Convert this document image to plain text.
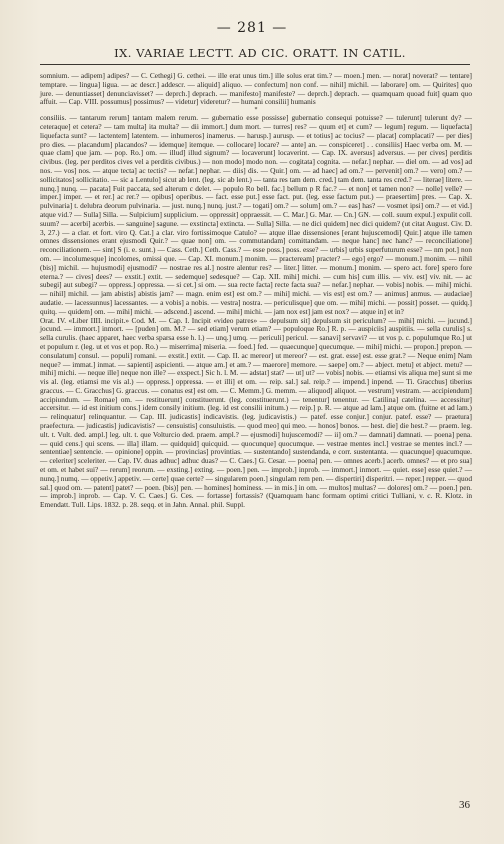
— 281 —
IX. VARIAE LECTT. AD CIC. ORATT. IN CATIL.

somnium. — adipem] adipes? — C. Cethegi] G. cethei. — ille erat unus tim.] ille solus erat tim.? — moen.] men. — norat] noverat? — tentare] temptare. — lingua] ligua. — ac descr.] addescr. — aliquid] aliquo. — confectum] non conf. — nihil] michil. — laborare] om. — Quirites] quo jure. — denuntiasset] denunciavisset? — deprch.] deprach. — manifesto] manifeste? — deprch.] deprach. — quamquam quoad fuit] quam quo affuit. — Cap. VIII. possumus] possimus? — videtur] videretur? — humani consilii] humanis

*

consiliis. — tantarum rerum] tantam malem rerum. — gubernatio esse possisse] gubernatio consequi potuisse? — tulerunt] tulerunt dy? — ceteraque] et cetera? — tam multa] ita multa? — dii immort.] dum mort. — turres] res? — quum et] et cum? — legum] regum. — liquefacta] liquefacta sunt? — lactentem] latentem. — inhumeros] inamerus. — harusp.] aurusp. — et totius] ac tocius? — placat] complacati? — per dies] pro dies. — placandum] placandos? — idemque] itemque. — collocare] locare? — ante] an. — conspiceret] . . consiliis] Haec verba om. M. — quae clam] que jam. — pop. Ro.] om. — illud] illud signum? — locaverunt] locaverint. — Cap. IX. aversus] adversus. — per cives] perditis civibus. (leg. per perditos cives vel a perditis civibus.) — non modo] modo non. — cogitata] cognita. — nefar.] nephar. — diel om. — ad vos] ad nos. — vos] nos. — atque tecta] ac tectis? — nefar.] nephar. — diis] dis. — Quir.] om. — ad haec] ad om.? — pervenit] om.? — vero] om.? — sollicitatos] sollicitatio. — sic a Lentulo] sicut ab lent. (leg. sic ab lent.) — tanta res tam dem. cred.] tam dem. tanta res cred.? — literae] litere. — nunq.] nunq. — pacata] Fuit paccata, sed alterum c delet. — populo Ro bell. fac.] bellum p R fac.? — et non] et tamen non? — nolle] velle? — imper.] imper. — et rer.] ac rer.? — opibus] operibus. — fact. esse put.] esse fact. put. (leg. esse factum put.) — praesertim] pres. — Cap. X. pulvinaria] t. delubra deorum pulvinaria. — just. nunq.] nunq. just.? — togati] om.? — solum] om.? — eas] has? — vosmet ipsi] om.? — et vid.] atque vid.? — Sulla] Silla. — Sulpicium] supplicium. — oppressit] oppraessit. — C. Mar.] G. Mar. — Cn.] GN. — coll. suum expul.] expulit coll. suum? — acerbi] acerbis. — sanguine] sagune. — exstincta] extincta. — Sulla] Silla. — ne dici quidem] nec dici quidem? (ut citat August. Civ. D. 3, 27.) — a clar. et fort. viro Q. Cat.] a clar. viro fortissimoque Catulo? — atque illae dissensiones [erant hujuscemodi] Quir.] atque ille tamen omnes dissensiones erant ejusmodi Quir.? — quae non] om. — commutandam] comittandam. — neque hanc] nec hanc? — reconciliatione] reconciliationem. — sint] S (i. e. sunt.) — Cass. Ceth.] Ceth. Cass.? — esse poss.] poss. esse? — urbis] urbis superfuturum esse? — nm pot.] non om. — incolumesque] incolomes, omissi que. — Cap. XI. monum.] monim. — practeream] practer? — ego] ergo? — monum.] monim. — nihil (bis)] michil. — hujusmodi] ejusmodi? — nostrae res al.] nostre alentur res? — liter.] litter. — monum.] monim. — spero act. fore] spero fore eterna.? — cives] dees? — exstit.] extit. — sedemque] sedesque? — Cap. XII. mihi] michi. — cum his] cum illis. — viv. est] viv. nit. — ac subegi] aut subegi? — oppress.] oppressa. — si cet.] si om. — sua recte facta] recte facta sua? — nefar.] nephar. — vobis] nobis. — mihi] michi. — nihil] michil. — jam abistis] abistis jam? — magn. enim est] est om.? — mihi] michi. — vis est] est om.? — animus] anmus. — audaciae] audatie. — lacessunnus] lacessantes. — a vobis] a nobis. — vestra] nostra. — periculisque] que om. — mihi] michi. — possit] posset. — quidq.] quitq. — quidem] om. — mihi] michi. — adscend.] ascend. — mihi] michi. — jam nox est] jam est nox? — atque in] et in?

Orat. IV. «Liber IIII. incipit.» Cod. M. — Cap. I. Incipit «video patres» — depulsum sit] depulsum sit periculum? — mihi] michi. — jucund.] jocund. — immort.] inmort. — [puden] om. M.? — sed etiam] verum etiam? — populoque Ro.] R. p. — auspiciis] auspitiis. — sella curulis] s. sella curulis. (haec apparet, haec verba sparsa esse h. l.) — unq.] umq. — periculi] pericul. — sanavi] servavi? — ut vos p. c. populumque Ro.] ut et populum r. (leg. ut et vos et pop. Ro.) — miserrima] miseria. — foed.] fed. — quaecunque] quecumque. — mihi] michi. — propon.] prepon. — consulatum] consul. — populi] romani. — exstit.] extit. — Cap. II. ac mereor] ut mereor? — est. grat. esse] est. esse grat.? — Neque enim] Nam neque? — immat.] inmat. — sapienti] aspicienti. — atque am.] et am.? — maerore] memore. — saepe] om.? — abject. metu] et abject. metu? — mihi] michi. — neque ille] neque non ille? — exspect.] Sic h. l. M. — adstat] stat? — ut] ut? — vobis] nobis. — etiamsi vis aliqua me] sunt si me vis al. (leg. etiamsi me vis al.) — oppress.] oppressa. — et illi] et om. — reip. sal.] sal. reip.? — impend.] inpend. — Ti. Gracchus] tiberius graccus. — C. Gracchus] G. graccus. — conatus est] est om. — C. Memm.] G. memm. — aliquod] aliquot. — vestrum] vestram. — accipiendum] accipiundum. — Romae] om. — restituerunt] constituerunt. (leg. constituerunt.) — tenentur] tenentur. — Catilina] catelina. — accessitur] accersitur. — id est initium cons.] idem consily initium. (leg. id est consilii initum.) — reip.] p. R. — atque ad lam.] atque om. (fuitne et ad lam.) — relinquatur] relinquantur. — Cap. III. judicastis] indicavistis. (leg. judicavistis.) — patef. esse conjur.] conjur. patef. esse? — praetura] praefectura. — judicastis] judicavistis? — censuistis] consuluistis. — quod meo] qui meo. — honos] bonos. — hest. die] die hest.? — praem. leg. ult. t. Vult. ded. ampl.] leg. ult. t. que Volturcio ded. praem. ampl.? — ejusmodi] hujuscemodi? — ii] om.? — damnati] damnati. — poena] pena. — quid cens.] qui scens. — illa] illam. — quidquid] quicquid. — quocunque] quocumque. — vestrae mentes incl.] vestrae se mentes incl.? — sententiae] sentencie. — opinione] oppin. — provincias] provintias. — sustentando] sustendanda, e corr. sustentanta. — quacunque] quacumque. — celeriter] sceleriter. — Cap. IV. duas adhuc] adhuc duas? — C. Caes.] G. Cesar. — poena] pen. — omnes acerb.] acerb. omnes? — et pro sua] et om. et habet sui? — rerum] reorum. — exsting.] exting. — poen.] pen. — improb.] inprob. — immort.] inmort. — quiet. esse] esse quiet.? — nunq.] numq. — oppetiv.] appetiv. — certe] quae certe? — singularem poen.] singulam rem pen. — dispertiri] disperitri. — reper.] repper. — quod sal.] quod om. — patent] patet? — poen. (bis)] pen. — homines] hominess. — in mis.] in om. — multos] multas? — dolores] om.? — poen.] pen. — improb.] inprob. — Cap. V. C. Caes.] G. Ces. — fortasse] fortassis? (Quamquam hanc formam optimi critici Tulliani, v. c. R. Klotz. in Emendatt. Tull. Lips. 1832. p. 28. seqq. et in Jahn. Annal. phil. Suppl.

36
